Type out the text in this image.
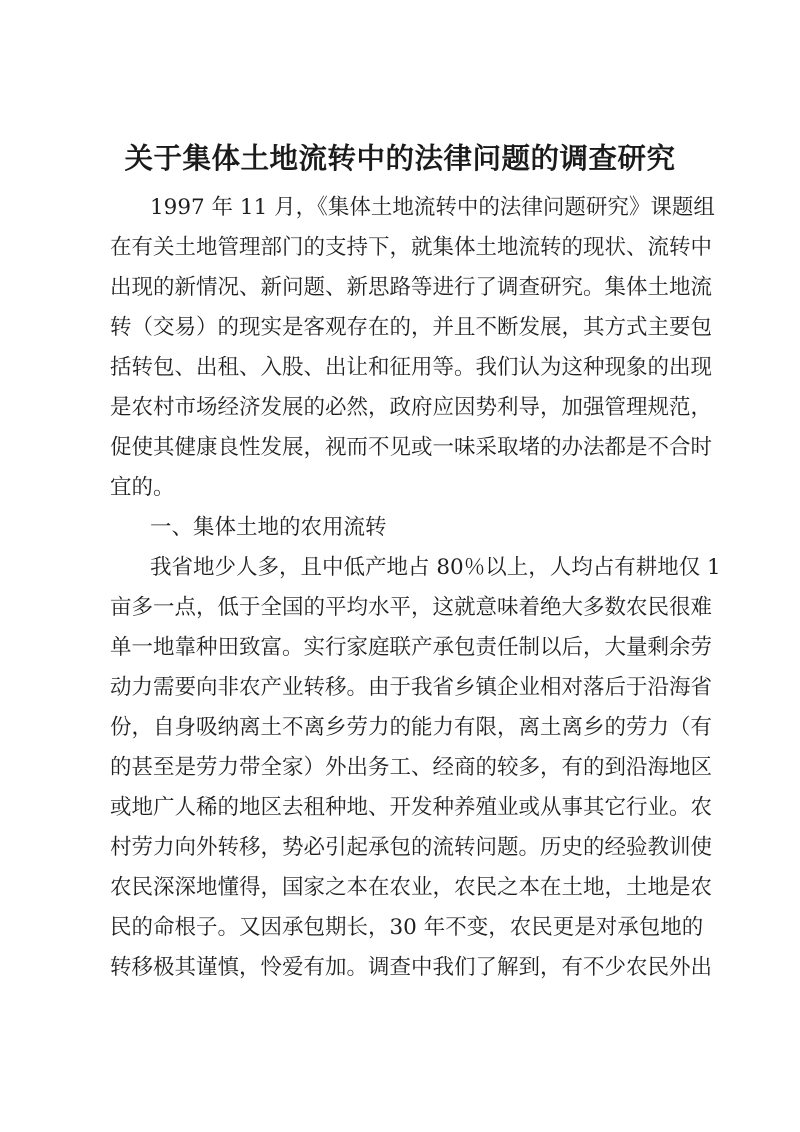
关于集体土地流转中的法律问题的调查研究
1997 年 11 月，《集体土地流转中的法律问题研究》课题组
在有关土地管理部门的支持下，就集体土地流转的现状、流转中
出现的新情况、新问题、新思路等进行了调查研究。集体土地流
转（交易）的现实是客观存在的，并且不断发展，其方式主要包
括转包、出租、入股、出让和征用等。我们认为这种现象的出现
是农村市场经济发展的必然，政府应因势利导，加强管理规范，
促使其健康良性发展，视而不见或一味采取堵的办法都是不合时
宜的。
一、集体土地的农用流转
我省地少人多，且中低产地占 80％以上，人均占有耕地仅 1
亩多一点，低于全国的平均水平，这就意味着绝大多数农民很难
单一地靠种田致富。实行家庭联产承包责任制以后，大量剩余劳
动力需要向非农产业转移。由于我省乡镇企业相对落后于沿海省
份，自身吸纳离土不离乡劳力的能力有限，离土离乡的劳力（有
的甚至是劳力带全家）外出务工、经商的较多，有的到沿海地区
或地广人稀的地区去租种地、开发种养殖业或从事其它行业。农
村劳力向外转移，势必引起承包的流转问题。历史的经验教训使
农民深深地懂得，国家之本在农业，农民之本在土地，土地是农
民的命根子。又因承包期长，30 年不变，农民更是对承包地的
转移极其谨慎，怜爱有加。调查中我们了解到，有不少农民外出
